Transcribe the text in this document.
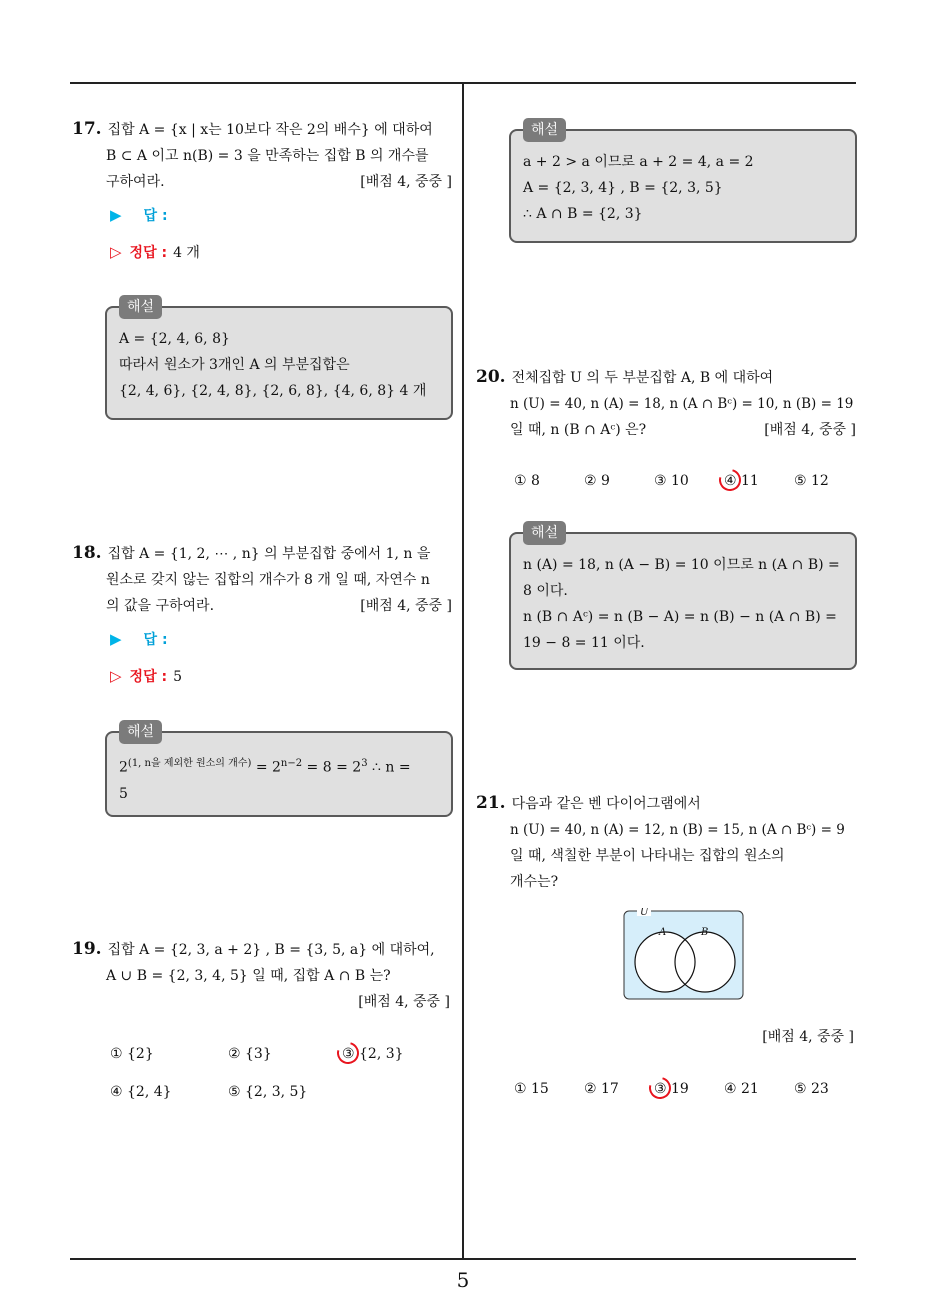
17. 집합 A = {x | x는 10보다 작은 2의 배수} 에 대하여
B ⊂ A 이고 n(B) = 3 을 만족하는 집합 B 의 개수를
구하여라.	[배점 4, 중중 ]
▶ 답 :
▷ 정답 : 4 개
해설
A = {2, 4, 6, 8}
따라서 원소가 3개인 A 의 부분집합은
{2, 4, 6}, {2, 4, 8}, {2, 6, 8}, {4, 6, 8} 4 개
18. 집합 A = {1, 2, ⋯ , n} 의 부분집합 중에서 1, n 을
원소로 갖지 않는 집합의 개수가 8 개 일 때, 자연수 n
의 값을 구하여라.	[배점 4, 중중 ]
▶ 답 :
▷ 정답 : 5
해설
$2^{(1, n을 제외한 원소의 개수)} = 2^{n-2} = 8 = 2^3$ ∴ n =
5
19. 집합 A = {2, 3, a + 2} , B = {3, 5, a} 에 대하여,
A ∪ B = {2, 3, 4, 5} 일 때, 집합 A ∩ B 는?
[배점 4, 중중 ]
① {2}	② {3}	③ {2, 3}
④ {2, 4}	⑤ {2, 3, 5}
해설
a + 2 > a 이므로 a + 2 = 4, a = 2
A = {2, 3, 4} , B = {2, 3, 5}
∴ A ∩ B = {2, 3}
20. 전체집합 U 의 두 부분집합 A, B 에 대하여
n (U) = 40, n (A) = 18, n (A ∩ Bᶜ) = 10, n (B) = 19
일 때, n (B ∩ Aᶜ) 은?	[배점 4, 중중 ]
① 8	② 9	③ 10	④ 11	⑤ 12
해설
n (A) = 18, n (A − B) = 10 이므로 n (A ∩ B) =
8 이다.
n (B ∩ Aᶜ) = n (B − A) = n (B) − n (A ∩ B) =
19 − 8 = 11 이다.
21. 다음과 같은 벤 다이어그램에서
n (U) = 40, n (A) = 12, n (B) = 15, n (A ∩ Bᶜ) = 9
일 때, 색칠한 부분이 나타내는 집합의 원소의
개수는?
U
A	B
[배점 4, 중중 ]
① 15	② 17	③ 19	④ 21	⑤ 23
5
